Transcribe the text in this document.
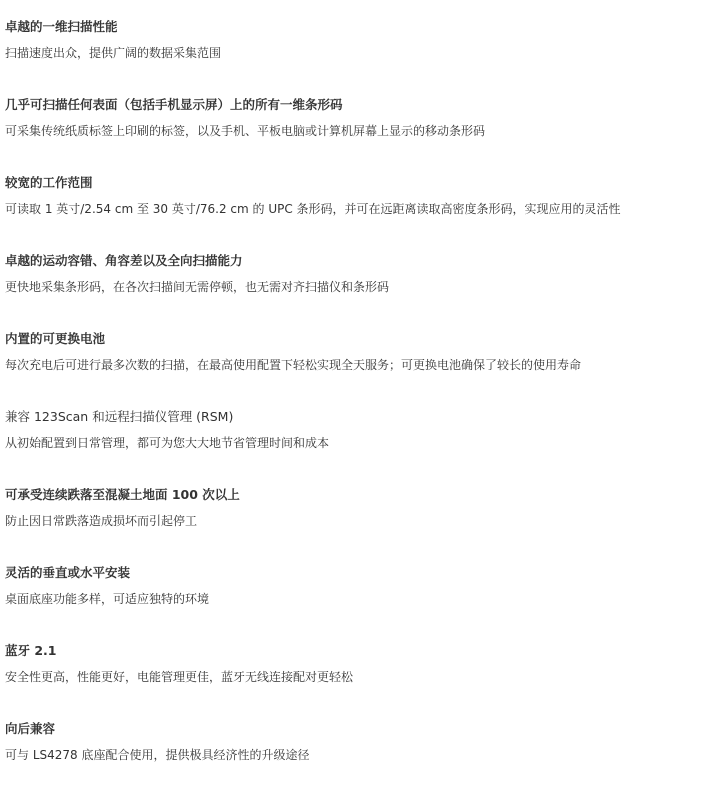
卓越的一维扫描性能
扫描速度出众，提供广阔的数据采集范围
几乎可扫描任何表面（包括手机显示屏）上的所有一维条形码
可采集传统纸质标签上印刷的标签，以及手机、平板电脑或计算机屏幕上显示的移动条形码
较宽的工作范围
可读取 1 英寸/2.54 cm 至 30 英寸/76.2 cm 的 UPC 条形码，并可在远距离读取高密度条形码，实现应用的灵活性
卓越的运动容错、角容差以及全向扫描能力
更快地采集条形码，在各次扫描间无需停顿，也无需对齐扫描仪和条形码
内置的可更换电池
每次充电后可进行最多次数的扫描，在最高使用配置下轻松实现全天服务；可更换电池确保了较长的使用寿命
兼容 123Scan 和远程扫描仪管理 (RSM)
从初始配置到日常管理，都可为您大大地节省管理时间和成本
可承受连续跌落至混凝土地面 100 次以上
防止因日常跌落造成损坏而引起停工
灵活的垂直或水平安装
桌面底座功能多样，可适应独特的环境
蓝牙 2.1
安全性更高，性能更好，电能管理更佳，蓝牙无线连接配对更轻松
向后兼容
可与 LS4278 底座配合使用，提供极具经济性的升级途径
